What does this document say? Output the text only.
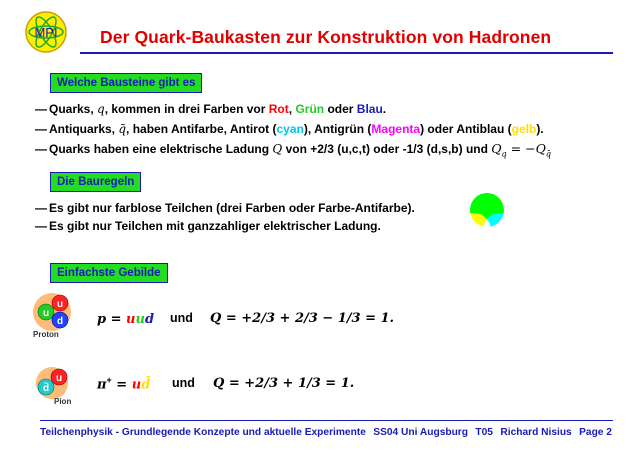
MPI Der Quark-Baukasten zur Konstruktion von Hadronen
Welche Bausteine gibt es
— Quarks, q, kommen in drei Farben vor Rot, Grün oder Blau.
— Antiquarks, q̄, haben Antifarbe, Antirot (cyan), Antigrün (Magenta) oder Antiblau (gelb).
— Quarks haben eine elektrische Ladung Q von +2/3 (u,c,t) oder -1/3 (d,s,b) und $Q_q = -Q_{q̄}$
Die Bauregeln
— Es gibt nur farblose Teilchen (drei Farben oder Farbe-Antifarbe).
— Es gibt nur Teilchen mit ganzzahliger elektrischer Ladung.
Einfachste Gebilde
u
u
d
Proton
p = uud und Q = +2/3 + 2/3 − 1/3 = 1.
u
d̄
Pion
π+ = ud̄ und Q = +2/3 + 1/3 = 1.
Teilchenphysik - Grundlegende Konzepte und aktuelle Experimente SS04 Uni Augsburg T05 Richard Nisius Page 2
